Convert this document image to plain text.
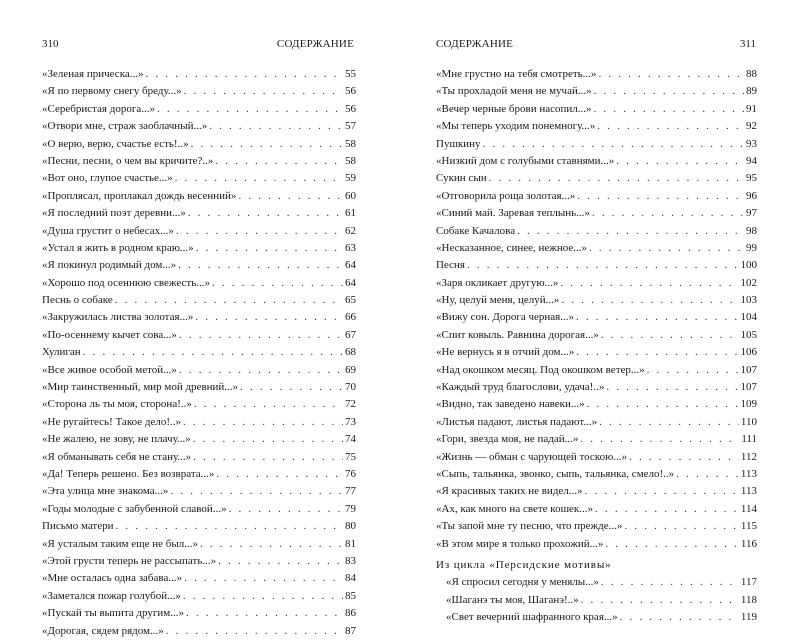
310	СОДЕРЖАНИЕ
«Зеленая прическа...» . . .	55
«Я по первому снегу бреду...» . . .	56
«Серебристая дорога...» . . .	56
«Отвори мне, страж заоблачный...» . . .	57
«О верю, верю, счастье есть!..» . . .	58
«Песни, песни, о чем вы кричите?..» . . .	58
«Вот оно, глупое счастье...» . . .	59
«Проплясал, проплакал дождь весенний» . . .	60
«Я последний поэт деревни...» . . .	61
«Душа грустит о небесах...» . . .	62
«Устал я жить в родном краю...» . . .	63
«Я покинул родимый дом...» . . .	64
«Хорошо под осеннюю свежесть...» . . .	64
Песнь о собаке . . .	65
«Закружилась листва золотая...» . . .	66
«По-осеннему кычет сова...» . . .	67
Хулиган . . .	68
«Все живое особой метой...» . . .	69
«Мир таинственный, мир мой древний...» . . .	70
«Сторона ль ты моя, сторона!..» . . .	72
«Не ругайтесь! Такое дело!..» . . .	73
«Не жалею, не зову, не плачу...» . . .	74
«Я обманывать себя не стану...» . . .	75
«Да! Теперь решено. Без возврата...» . . .	76
«Эта улица мне знакома...» . . .	77
«Годы молодые с забубенной славой...» . . .	79
Письмо матери . . .	80
«Я усталым таким еще не был...» . . .	81
«Этой грусти теперь не рассыпать...» . . .	83
«Мне осталась одна забава...» . . .	84
«Заметался пожар голубой...» . . .	85
«Пускай ты выпита другим...» . . .	86
«Дорогая, сядем рядом...» . . .	87
СОДЕРЖАНИЕ	311
«Мне грустно на тебя смотреть...» . . .	88
«Ты прохладой меня не мучай...» . . .	89
«Вечер черные брови насопил...» . . .	91
«Мы теперь уходим понемногу...» . . .	92
Пушкину . . .	93
«Низкий дом с голубыми ставнями...» . . .	94
Сукин сын . . .	95
«Отговорила роща золотая...» . . .	96
«Синий май. Заревая теплынь...» . . .	97
Собаке Качалова . . .	98
«Несказанное, синее, нежное...» . . .	99
Песня . . .	100
«Заря окликает другую...» . . .	102
«Ну, целуй меня, целуй...» . . .	103
«Вижу сон. Дорога черная...» . . .	104
«Спит ковыль. Равнина дорогая...» . . .	105
«Не вернусь я в отчий дом...» . . .	106
«Над окошком месяц. Под окошком ветер...» . . .	107
«Каждый труд благослови, удача!..» . . .	107
«Видно, так заведено навеки...» . . .	109
«Листья падают, листья падают...» . . .	110
«Гори, звезда моя, не падай...» . . .	111
«Жизнь — обман с чарующей тоскою...» . . .	112
«Сыпь, тальянка, звонко, сыпь, тальянка, смело!..» . . .	113
«Я красивых таких не видел...» . . .	113
«Ах, как много на свете кошек...» . . .	114
«Ты запой мне ту песню, что прежде...» . . .	115
«В этом мире я только прохожий...» . . .	116
Из цикла «Персидские мотивы»
«Я спросил сегодня у менялы...» . . .	117
«Шаганэ ты моя, Шаганэ!..» . . .	118
«Свет вечерний шафранного края...» . . .	119
